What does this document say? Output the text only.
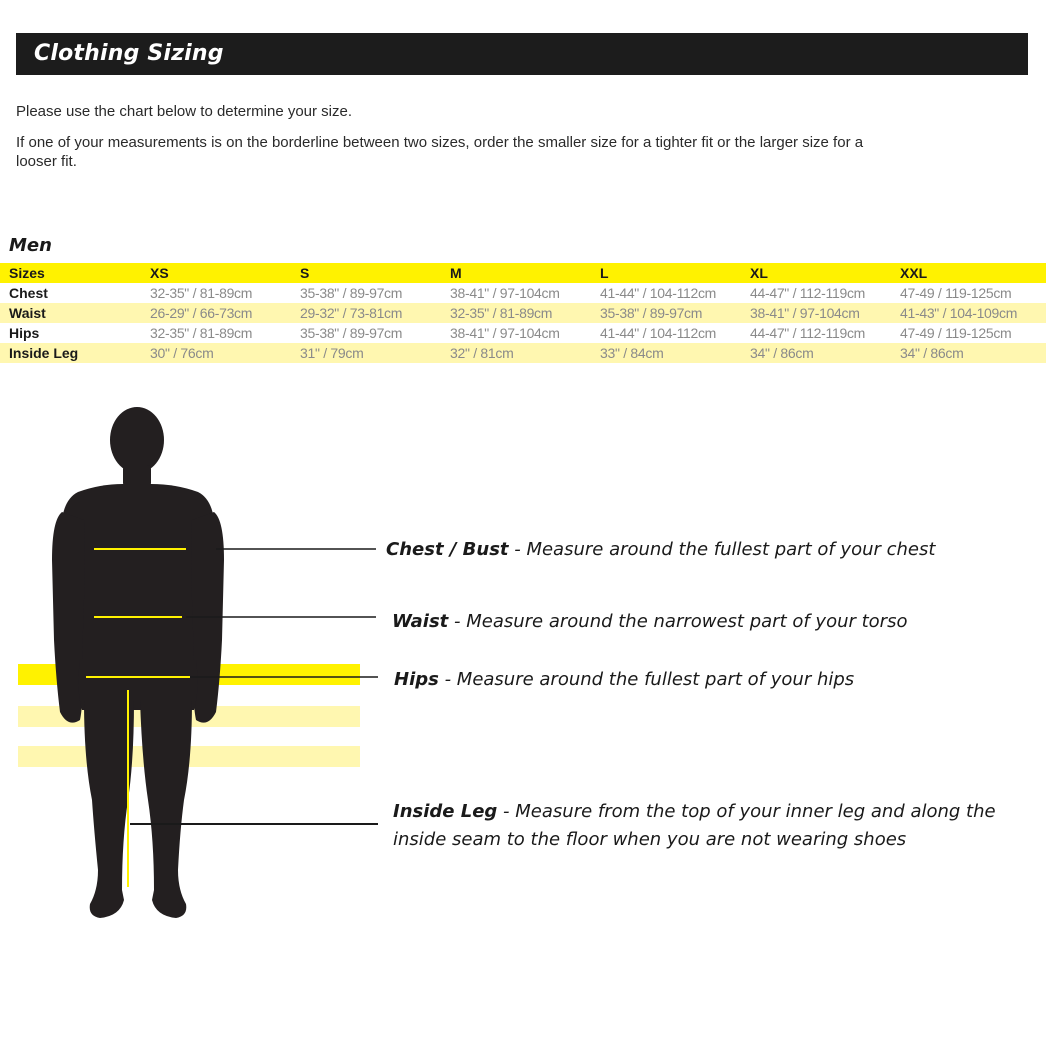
Clothing Sizing
Please use the chart below to determine your size.
If one of your measurements is on the borderline between two sizes, order the smaller size for a tighter fit or the larger size for a looser fit.
Men
Sizes	XS	S	M	L	XL	XXL
Chest	32-35" / 81-89cm	35-38" / 89-97cm	38-41" / 97-104cm	41-44" / 104-112cm	44-47" / 112-119cm	47-49 / 119-125cm
Waist	26-29" / 66-73cm	29-32" / 73-81cm	32-35" / 81-89cm	35-38" / 89-97cm	38-41" / 97-104cm	41-43" / 104-109cm
Hips	32-35" / 81-89cm	35-38" / 89-97cm	38-41" / 97-104cm	41-44" / 104-112cm	44-47" / 112-119cm	47-49 / 119-125cm
Inside Leg	30" / 76cm	31" / 79cm	32" / 81cm	33" / 84cm	34" / 86cm	34" / 86cm
Chest / Bust - Measure around the fullest part of your chest
Waist - Measure around the narrowest part of your torso
Hips - Measure around the fullest part of your hips
Inside Leg - Measure from the top of your inner leg and along the
inside seam to the floor when you are not wearing shoes
